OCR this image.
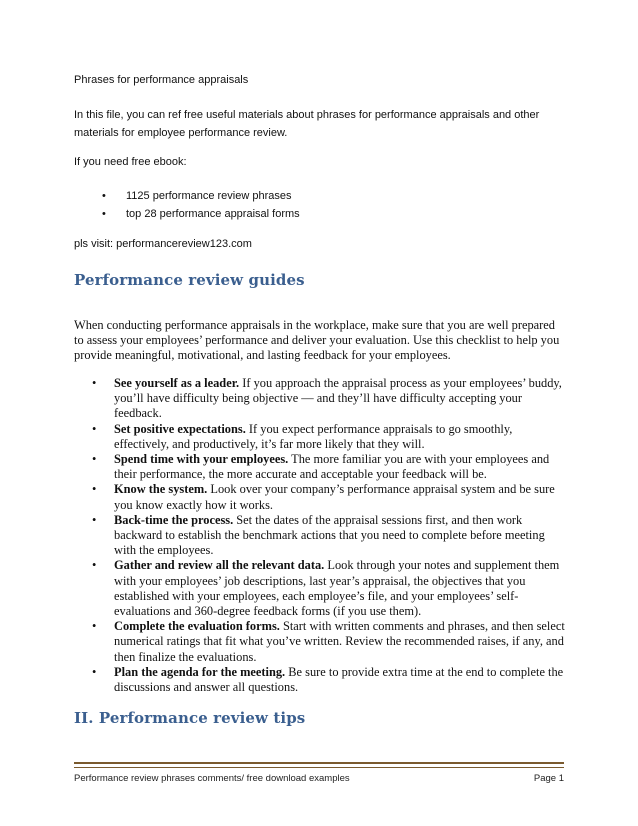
Phrases for performance appraisals
In this file, you can ref free useful materials about phrases for performance appraisals and other
materials for employee performance review.
If you need free ebook:
• 1125 performance review phrases
• top 28 performance appraisal forms
pls visit: performancereview123.com
Performance review guides
When conducting performance appraisals in the workplace, make sure that you are well prepared to assess your employees’ performance and deliver your evaluation. Use this checklist to help you provide meaningful, motivational, and lasting feedback for your employees.
• See yourself as a leader. If you approach the appraisal process as your employees’ buddy, you’ll have difficulty being objective — and they’ll have difficulty accepting your feedback.
• Set positive expectations. If you expect performance appraisals to go smoothly, effectively, and productively, it’s far more likely that they will.
• Spend time with your employees. The more familiar you are with your employees and their performance, the more accurate and acceptable your feedback will be.
• Know the system. Look over your company’s performance appraisal system and be sure you know exactly how it works.
• Back-time the process. Set the dates of the appraisal sessions first, and then work backward to establish the benchmark actions that you need to complete before meeting with the employees.
• Gather and review all the relevant data. Look through your notes and supplement them with your employees’ job descriptions, last year’s appraisal, the objectives that you established with your employees, each employee’s file, and your employees’ self-evaluations and 360-degree feedback forms (if you use them).
• Complete the evaluation forms. Start with written comments and phrases, and then select numerical ratings that fit what you’ve written. Review the recommended raises, if any, and then finalize the evaluations.
• Plan the agenda for the meeting. Be sure to provide extra time at the end to complete the discussions and answer all questions.
II. Performance review tips
Performance review phrases comments/ free download examples	Page 1
